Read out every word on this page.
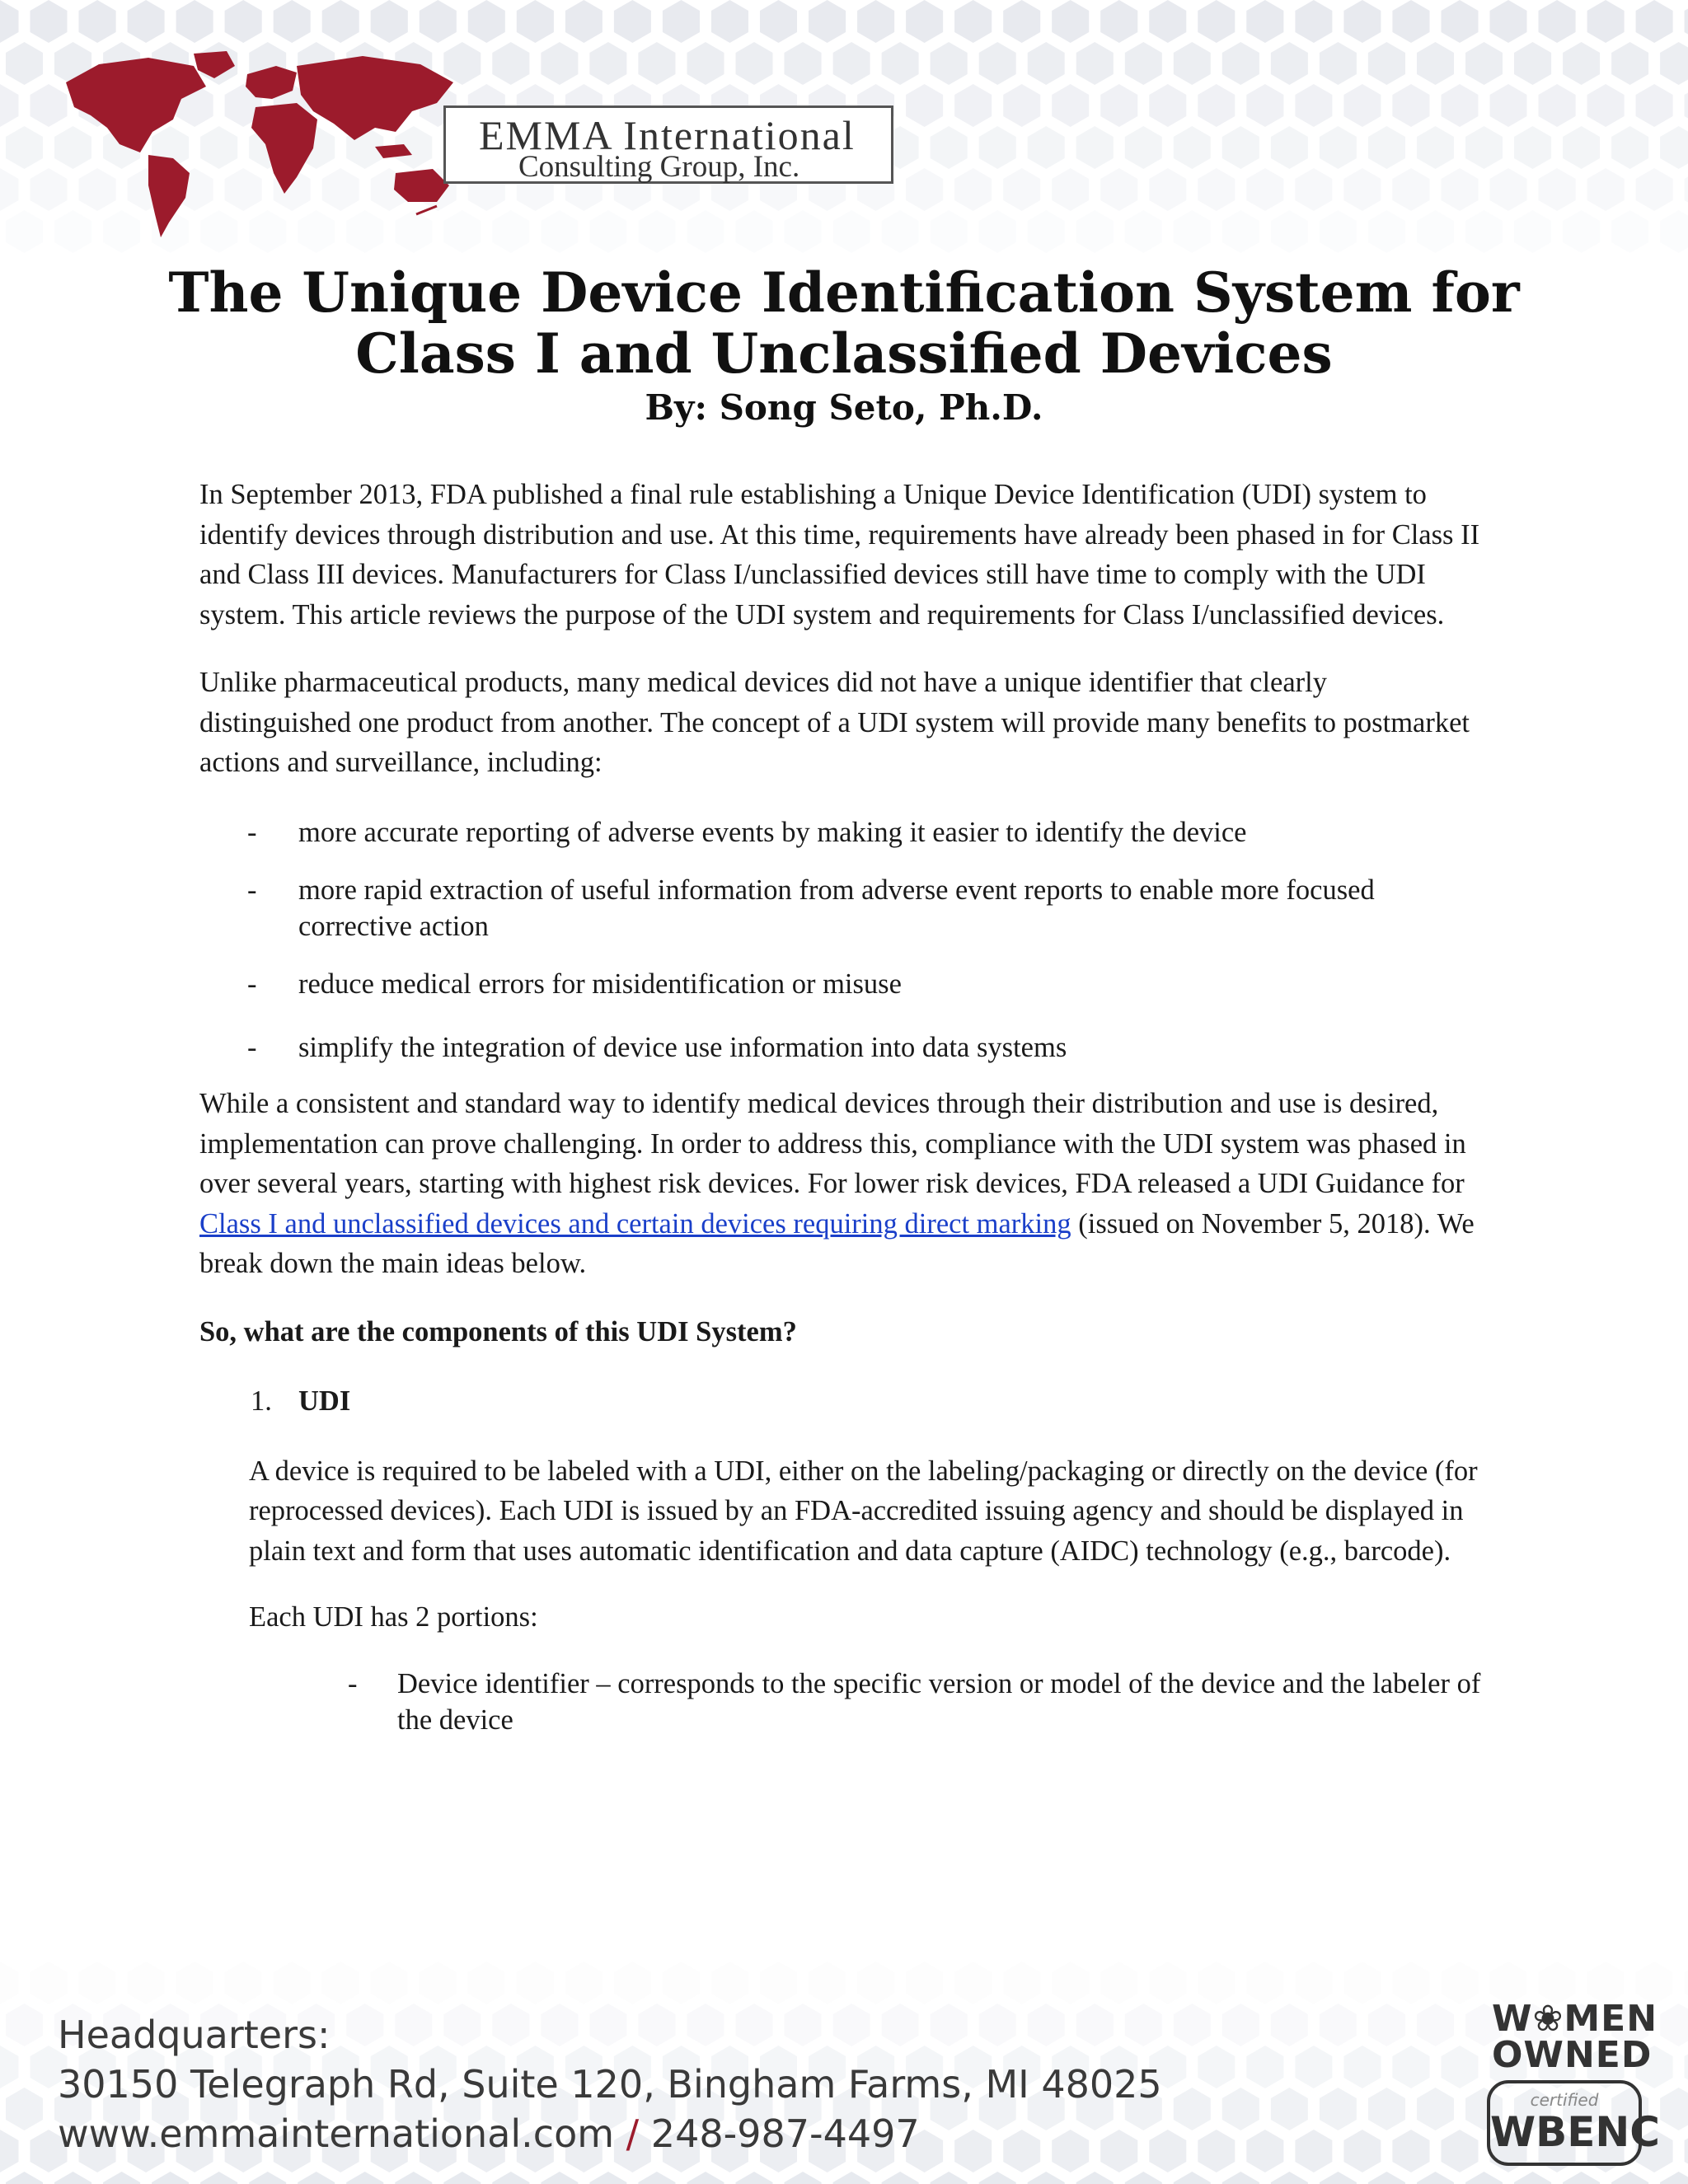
EMMA International
Consulting Group, Inc.
The Unique Device Identification System for
Class I and Unclassified Devices
By: Song Seto, Ph.D.

In September 2013, FDA published a final rule establishing a Unique Device Identification (UDI) system to identify devices through distribution and use. At this time, requirements have already been phased in for Class II and Class III devices. Manufacturers for Class I/unclassified devices still have time to comply with the UDI system. This article reviews the purpose of the UDI system and requirements for Class I/unclassified devices.

Unlike pharmaceutical products, many medical devices did not have a unique identifier that clearly distinguished one product from another. The concept of a UDI system will provide many benefits to postmarket actions and surveillance, including:

- more accurate reporting of adverse events by making it easier to identify the device
- more rapid extraction of useful information from adverse event reports to enable more focused corrective action
- reduce medical errors for misidentification or misuse
- simplify the integration of device use information into data systems

While a consistent and standard way to identify medical devices through their distribution and use is desired, implementation can prove challenging. In order to address this, compliance with the UDI system was phased in over several years, starting with highest risk devices. For lower risk devices, FDA released a UDI Guidance for Class I and unclassified devices and certain devices requiring direct marking (issued on November 5, 2018). We break down the main ideas below.

So, what are the components of this UDI System?

1. UDI

A device is required to be labeled with a UDI, either on the labeling/packaging or directly on the device (for reprocessed devices). Each UDI is issued by an FDA-accredited issuing agency and should be displayed in plain text and form that uses automatic identification and data capture (AIDC) technology (e.g., barcode).

Each UDI has 2 portions:

- Device identifier – corresponds to the specific version or model of the device and the labeler of the device
Headquarters:
30150 Telegraph Rd, Suite 120, Bingham Farms, MI 48025
www.emmainternational.com / 248-987-4497
W❀MEN
OWNED
certified
WBENC
